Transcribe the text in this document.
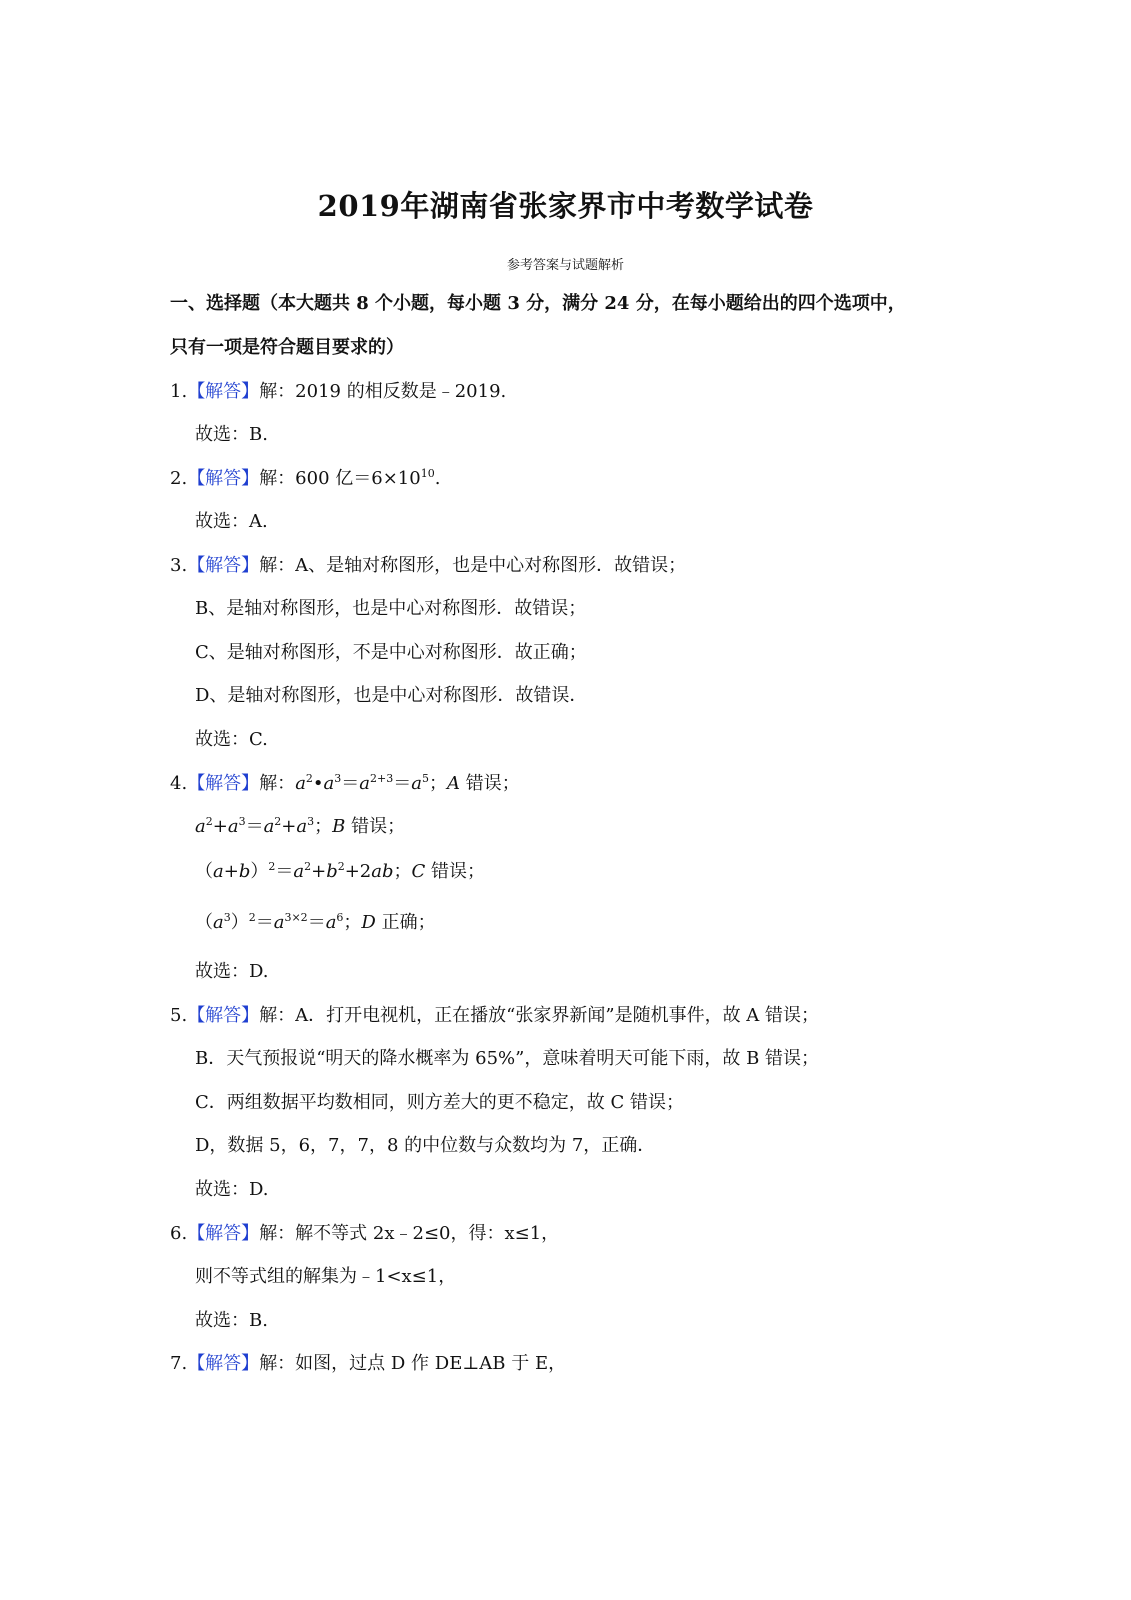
2019年湖南省张家界市中考数学试卷
参考答案与试题解析
一、选择题（本大题共 8 个小题，每小题 3 分，满分 24 分，在每小题给出的四个选项中，
只有一项是符合题目要求的）
1.【解答】解：2019 的相反数是﹣2019.
故选：B.
2.【解答】解：600 亿$=6\times 10^{10}$.
故选：A.
3.【解答】解：A、是轴对称图形，也是中心对称图形．故错误；
B、是轴对称图形，也是中心对称图形．故错误；
C、是轴对称图形，不是中心对称图形．故正确；
D、是轴对称图形，也是中心对称图形．故错误．
故选：C.
4.【解答】解：$a^2•a^3=a^{2+3}=a^5$；A 错误；
$a^2+a^3=a^2+a^3$；B 错误；
$(a+b)^2=a^2+b^2+2ab$；C 错误；
$(a^3)^2=a^{3\times 2}=a^6$；D 正确；
故选：D.
5.【解答】解：A．打开电视机，正在播放“张家界新闻”是随机事件，故 A 错误；
B．天气预报说“明天的降水概率为 65%”，意味着明天可能下雨，故 B 错误；
C．两组数据平均数相同，则方差大的更不稳定，故 C 错误；
D，数据 5，6，7，7，8 的中位数与众数均为 7，正确．
故选：D.
6.【解答】解：解不等式 2x﹣2≤0，得：x≤1，
则不等式组的解集为﹣1<x≤1，
故选：B.
7.【解答】解：如图，过点 D 作 DE⊥AB 于 E，
